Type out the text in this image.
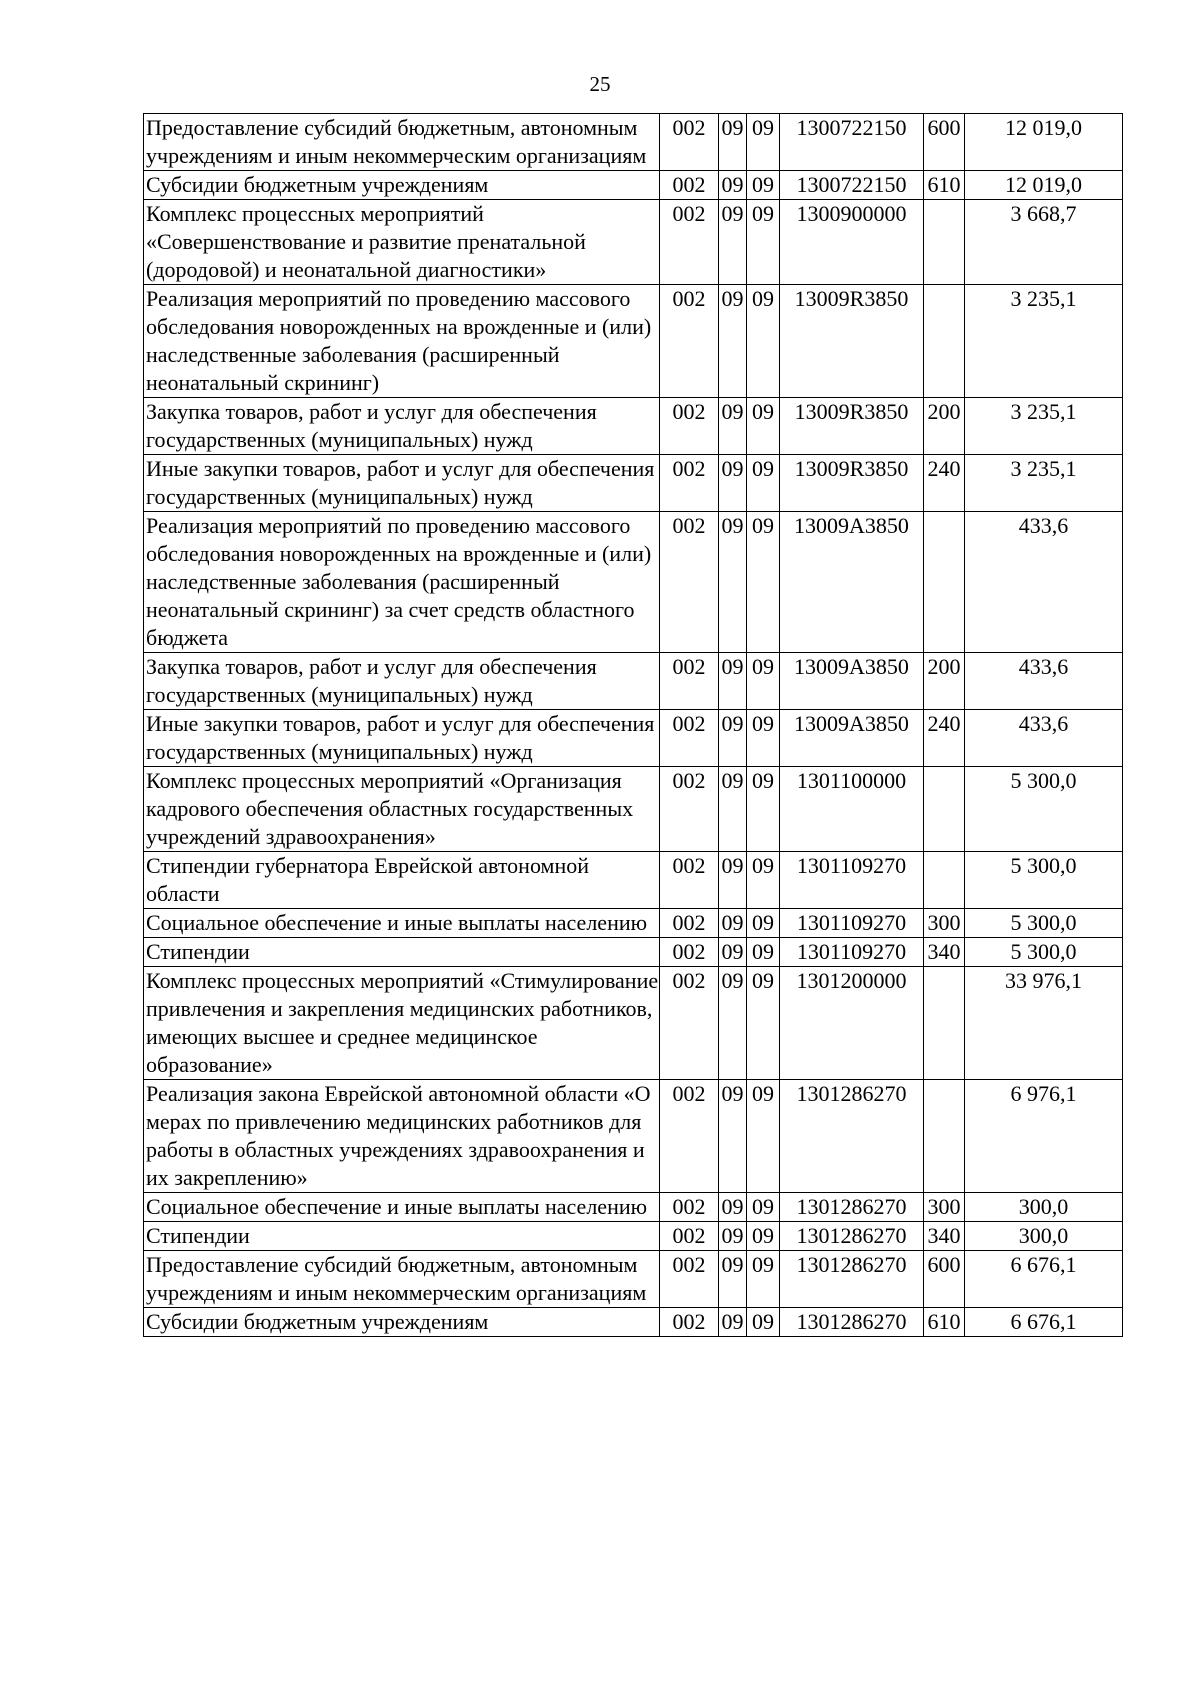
25
Предоставление субсидий бюджетным, автономным учреждениям и иным некоммерческим организациям	002	09	09	1300722150	600	12 019,0
Субсидии бюджетным учреждениям	002	09	09	1300722150	610	12 019,0
Комплекс процессных мероприятий «Совершенствование и развитие пренатальной (дородовой) и неонатальной диагностики»	002	09	09	1300900000		3 668,7
Реализация мероприятий по проведению массового обследования новорожденных на врожденные и (или) наследственные заболевания (расширенный неонатальный скрининг)	002	09	09	13009R3850		3 235,1
Закупка товаров, работ и услуг для обеспечения государственных (муниципальных) нужд	002	09	09	13009R3850	200	3 235,1
Иные закупки товаров, работ и услуг для обеспечения государственных (муниципальных) нужд	002	09	09	13009R3850	240	3 235,1
Реализация мероприятий по проведению массового обследования новорожденных на врожденные и (или) наследственные заболевания (расширенный неонатальный скрининг) за счет средств областного бюджета	002	09	09	13009A3850		433,6
Закупка товаров, работ и услуг для обеспечения государственных (муниципальных) нужд	002	09	09	13009A3850	200	433,6
Иные закупки товаров, работ и услуг для обеспечения государственных (муниципальных) нужд	002	09	09	13009A3850	240	433,6
Комплекс процессных мероприятий «Организация кадрового обеспечения областных государственных учреждений здравоохранения»	002	09	09	1301100000		5 300,0
Стипендии губернатора Еврейской автономной области	002	09	09	1301109270		5 300,0
Социальное обеспечение и иные выплаты населению	002	09	09	1301109270	300	5 300,0
Стипендии	002	09	09	1301109270	340	5 300,0
Комплекс процессных мероприятий «Стимулирование привлечения и закрепления медицинских работников, имеющих высшее и среднее медицинское образование»	002	09	09	1301200000		33 976,1
Реализация закона Еврейской автономной области «О мерах по привлечению медицинских работников для работы в областных учреждениях здравоохранения и их закреплению»	002	09	09	1301286270		6 976,1
Социальное обеспечение и иные выплаты населению	002	09	09	1301286270	300	300,0
Стипендии	002	09	09	1301286270	340	300,0
Предоставление субсидий бюджетным, автономным учреждениям и иным некоммерческим организациям	002	09	09	1301286270	600	6 676,1
Субсидии бюджетным учреждениям	002	09	09	1301286270	610	6 676,1
